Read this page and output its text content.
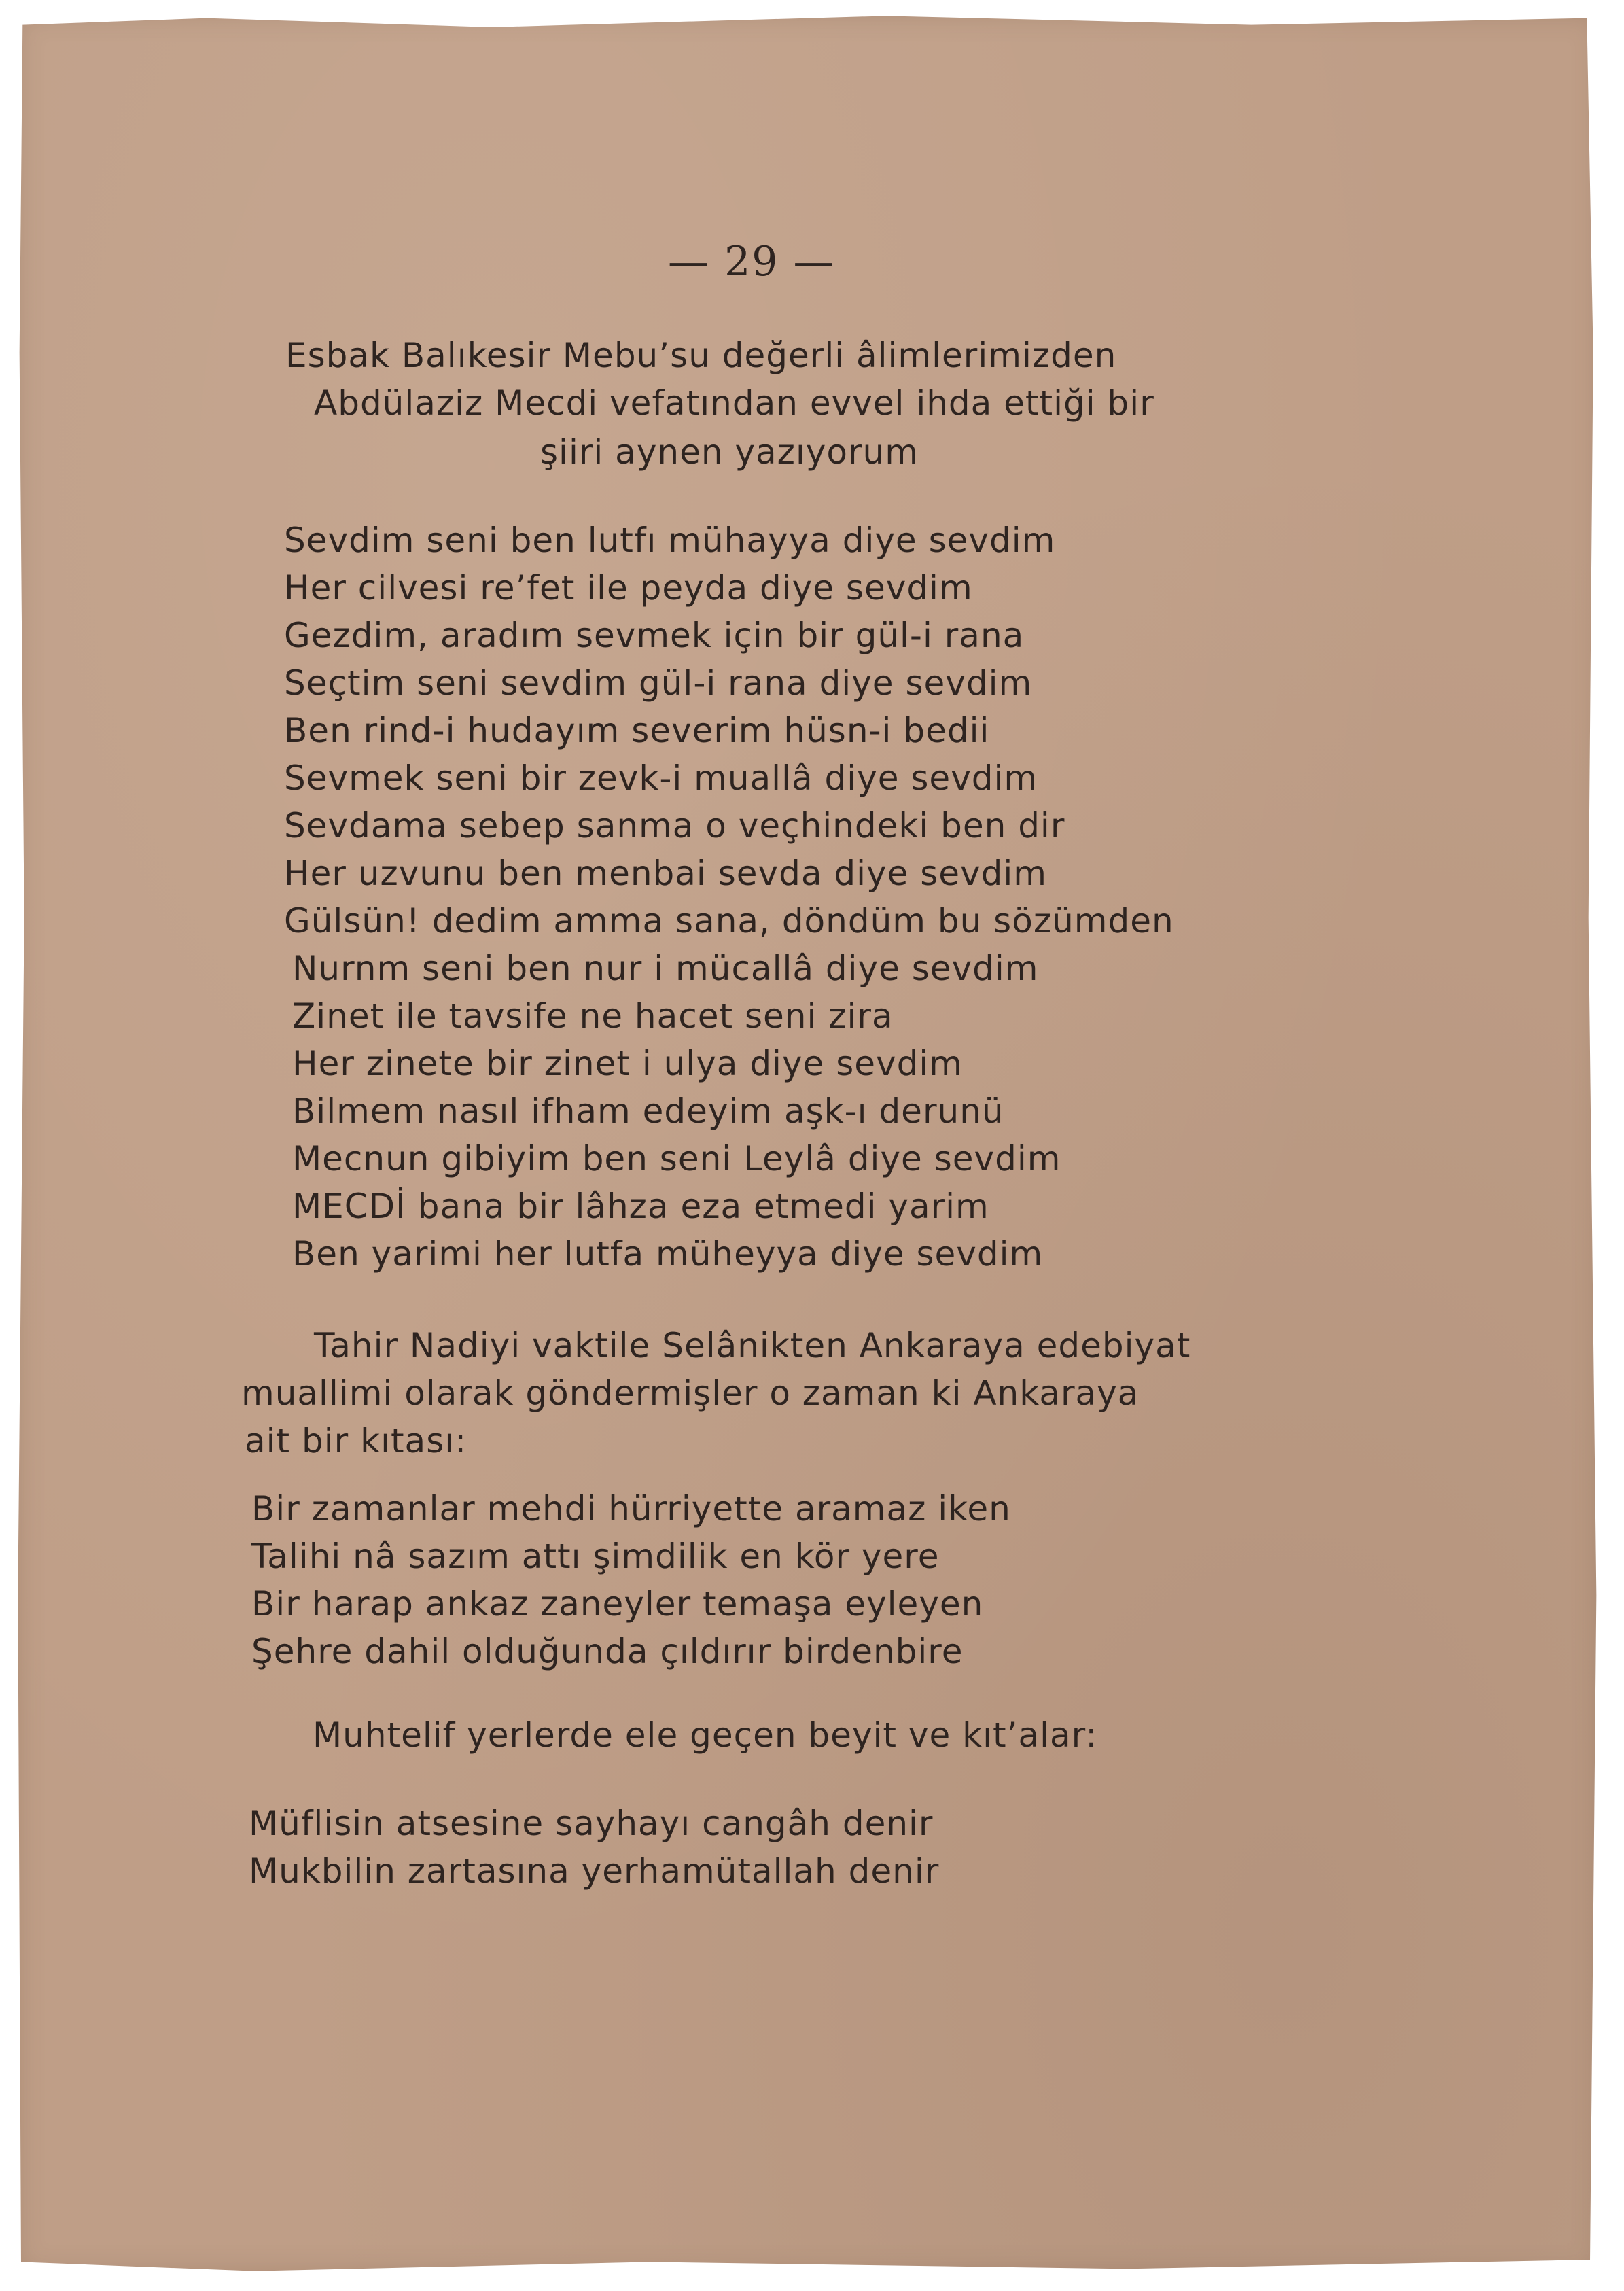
— 29 —
Esbak Balıkesir Mebu’su değerli âlimlerimizden
Abdülaziz Mecdi vefatından evvel ihda ettiği bir
şiiri aynen yazıyorum
Sevdim seni ben lutfı mühayya diye sevdim
Her cilvesi re’fet ile peyda diye sevdim
Gezdim, aradım sevmek için bir gül-i rana
Seçtim seni sevdim gül-i rana diye sevdim
Ben rind-i hudayım severim hüsn-i bedii
Sevmek seni bir zevk-i muallâ diye sevdim
Sevdama sebep sanma o veçhindeki ben dir
Her uzvunu ben menbai sevda diye sevdim
Gülsün! dedim amma sana, döndüm bu sözümden
Nurnm seni ben nur i mücallâ diye sevdim
Zinet ile tavsife ne hacet seni zira
Her zinete bir zinet i ulya diye sevdim
Bilmem nasıl ifham edeyim aşk-ı derunü
Mecnun gibiyim ben seni Leylâ diye sevdim
MECDİ bana bir lâhza eza etmedi yarim
Ben yarimi her lutfa müheyya diye sevdim
Tahir Nadiyi vaktile Selânikten Ankaraya edebiyat
muallimi olarak göndermişler o zaman ki Ankaraya
ait bir kıtası:
Bir zamanlar mehdi hürriyette aramaz iken
Talihi nâ sazım attı şimdilik en kör yere
Bir harap ankaz zaneyler temaşa eyleyen
Şehre dahil olduğunda çıldırır birdenbire
Muhtelif yerlerde ele geçen beyit ve kıt’alar:
Müflisin atsesine sayhayı cangâh denir
Mukbilin zartasına yerhamütallah denir
